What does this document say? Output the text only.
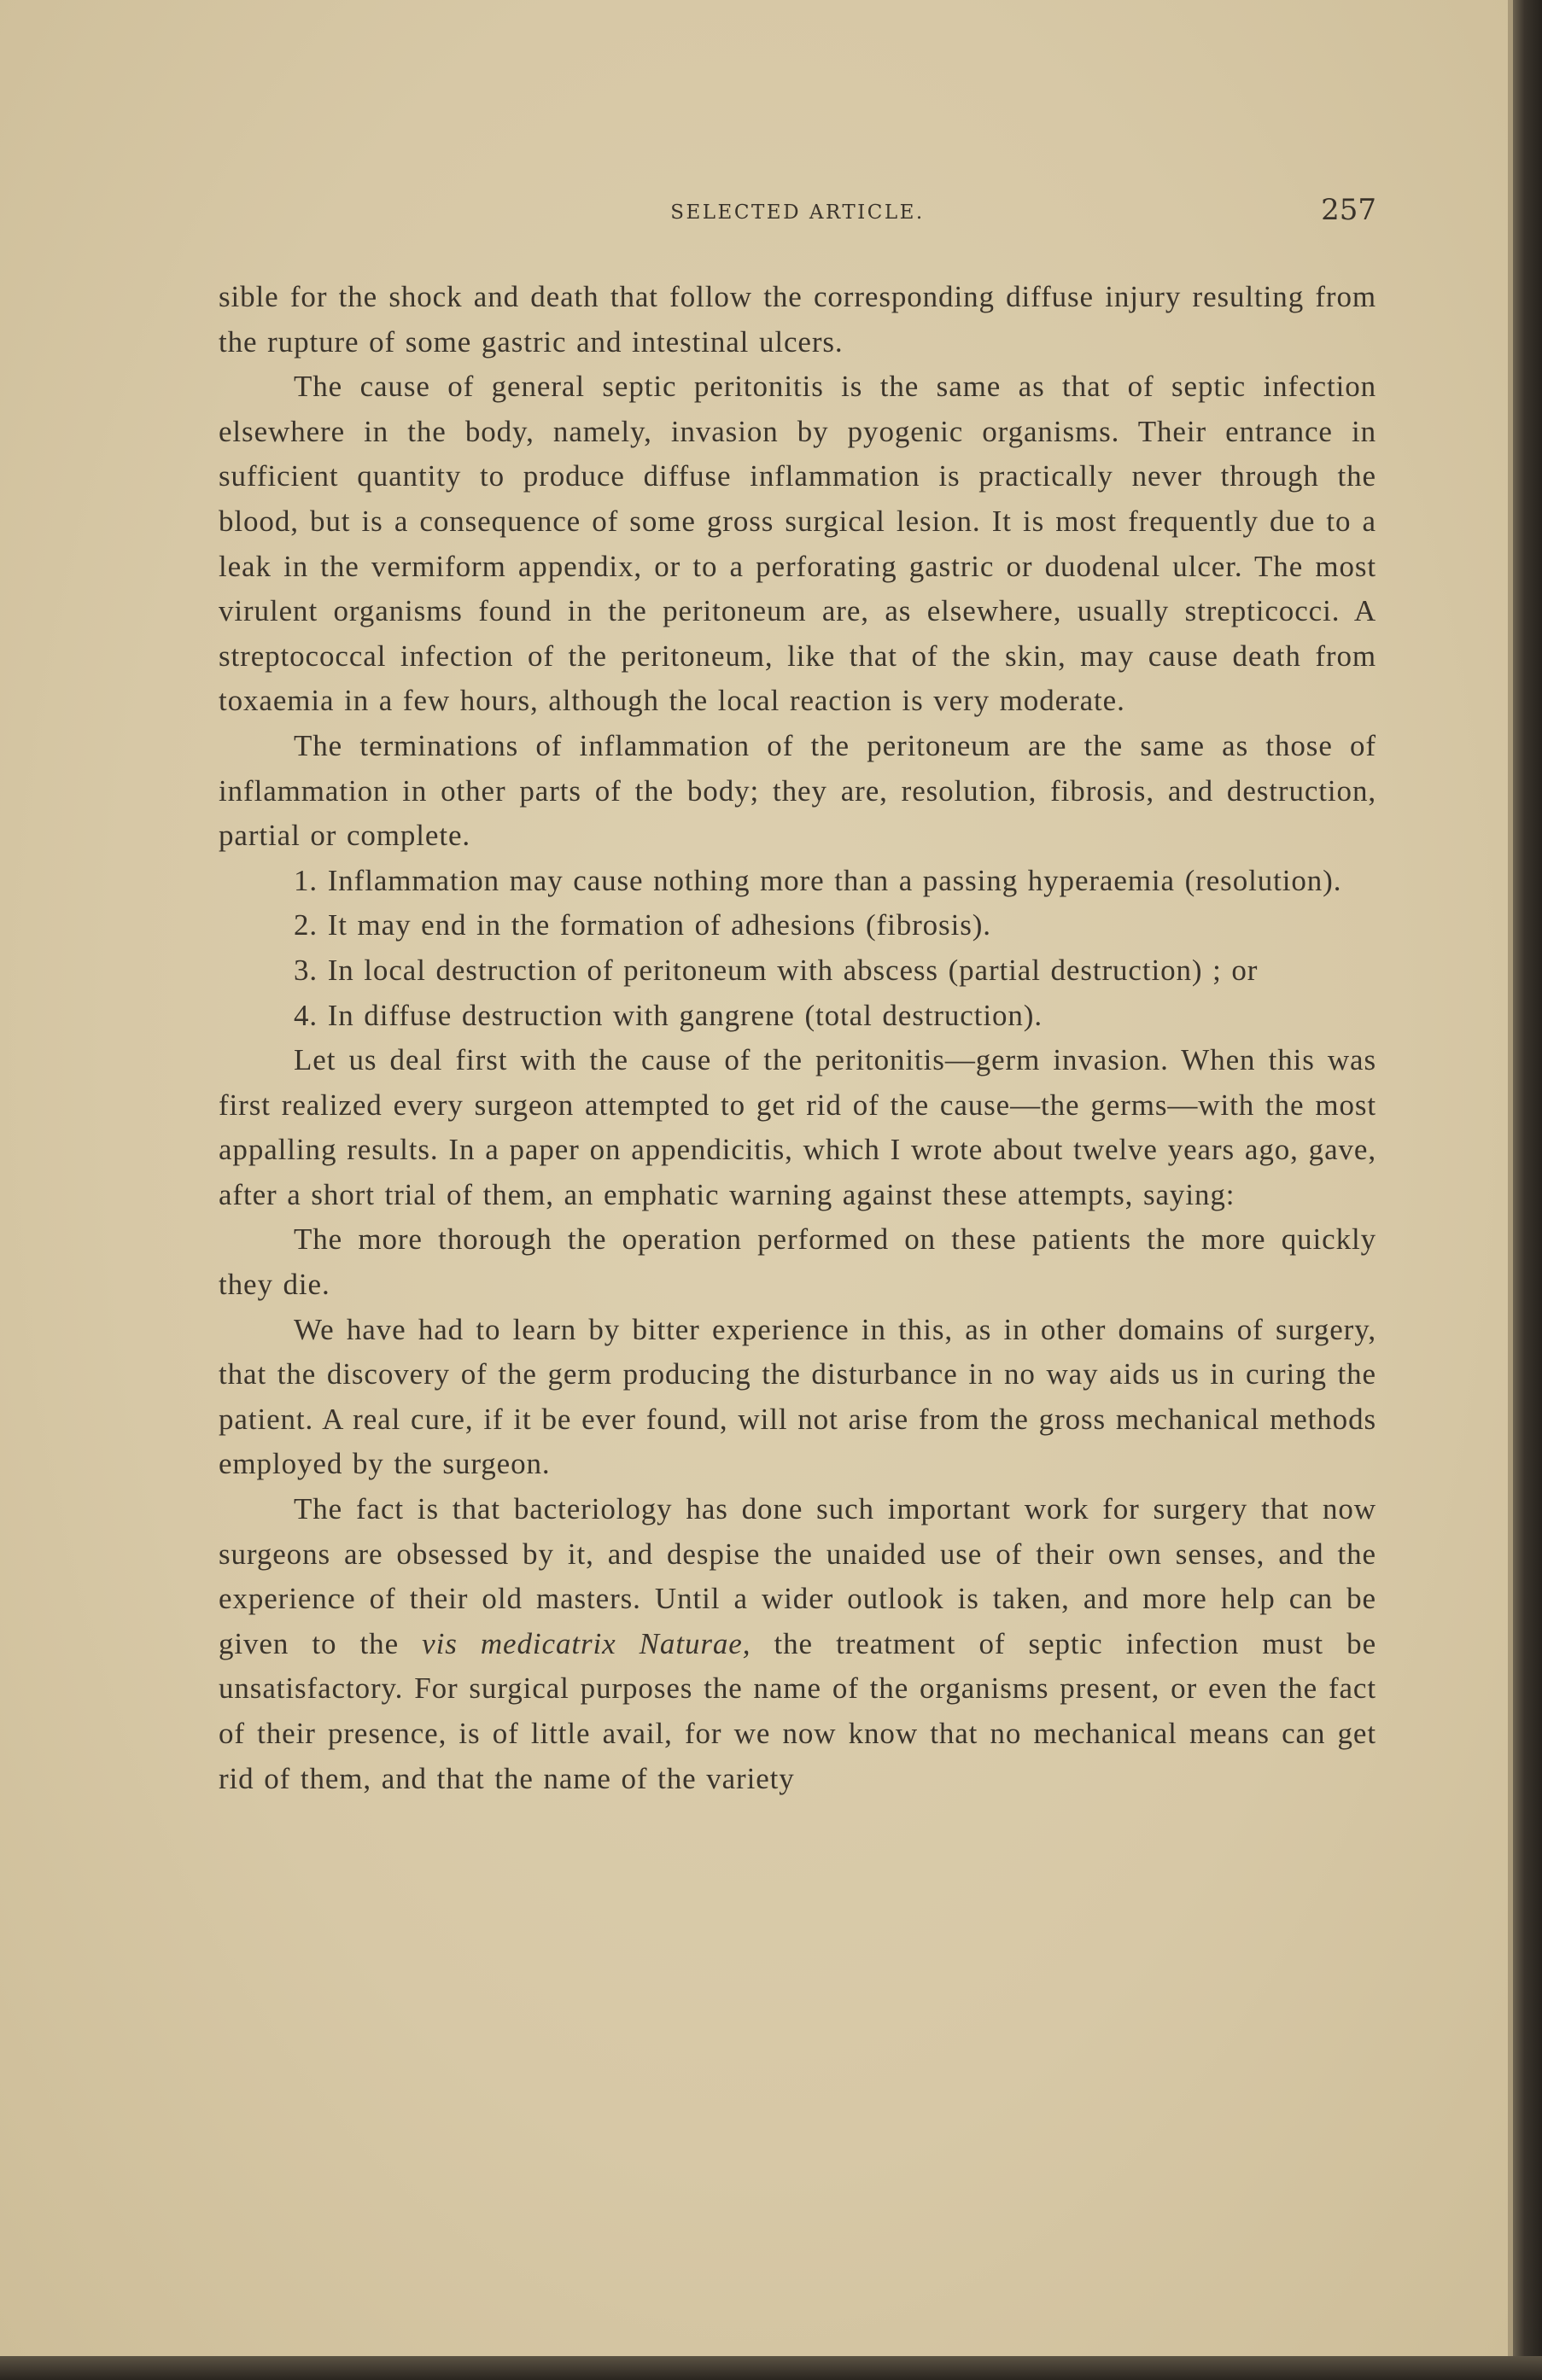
SELECTED ARTICLE.	257

sible for the shock and death that follow the corresponding diffuse injury resulting from the rupture of some gastric and intestinal ulcers.

The cause of general septic peritonitis is the same as that of septic infection elsewhere in the body, namely, invasion by pyogenic organisms. Their entrance in sufficient quantity to produce diffuse inflammation is practically never through the blood, but is a consequence of some gross surgical lesion. It is most frequently due to a leak in the vermiform appendix, or to a perforating gastric or duodenal ulcer. The most virulent organisms found in the peritoneum are, as elsewhere, usually strepticocci. A streptococcal infection of the peritoneum, like that of the skin, may cause death from toxaemia in a few hours, although the local reaction is very moderate.

The terminations of inflammation of the peritoneum are the same as those of inflammation in other parts of the body; they are, resolution, fibrosis, and destruction, partial or complete.

1. Inflammation may cause nothing more than a passing hyperaemia (resolution).

2. It may end in the formation of adhesions (fibrosis).

3. In local destruction of peritoneum with abscess (partial destruction) ; or

4. In diffuse destruction with gangrene (total destruction).

Let us deal first with the cause of the peritonitis—germ invasion. When this was first realized every surgeon attempted to get rid of the cause—the germs—with the most appalling results. In a paper on appendicitis, which I wrote about twelve years ago, gave, after a short trial of them, an emphatic warning against these attempts, saying:

The more thorough the operation performed on these patients the more quickly they die.

We have had to learn by bitter experience in this, as in other domains of surgery, that the discovery of the germ producing the disturbance in no way aids us in curing the patient. A real cure, if it be ever found, will not arise from the gross mechanical methods employed by the surgeon.

The fact is that bacteriology has done such important work for surgery that now surgeons are obsessed by it, and despise the unaided use of their own senses, and the experience of their old masters. Until a wider outlook is taken, and more help can be given to the vis medicatrix Naturae, the treatment of septic infection must be unsatisfactory. For surgical purposes the name of the organisms present, or even the fact of their presence, is of little avail, for we now know that no mechanical means can get rid of them, and that the name of the variety
